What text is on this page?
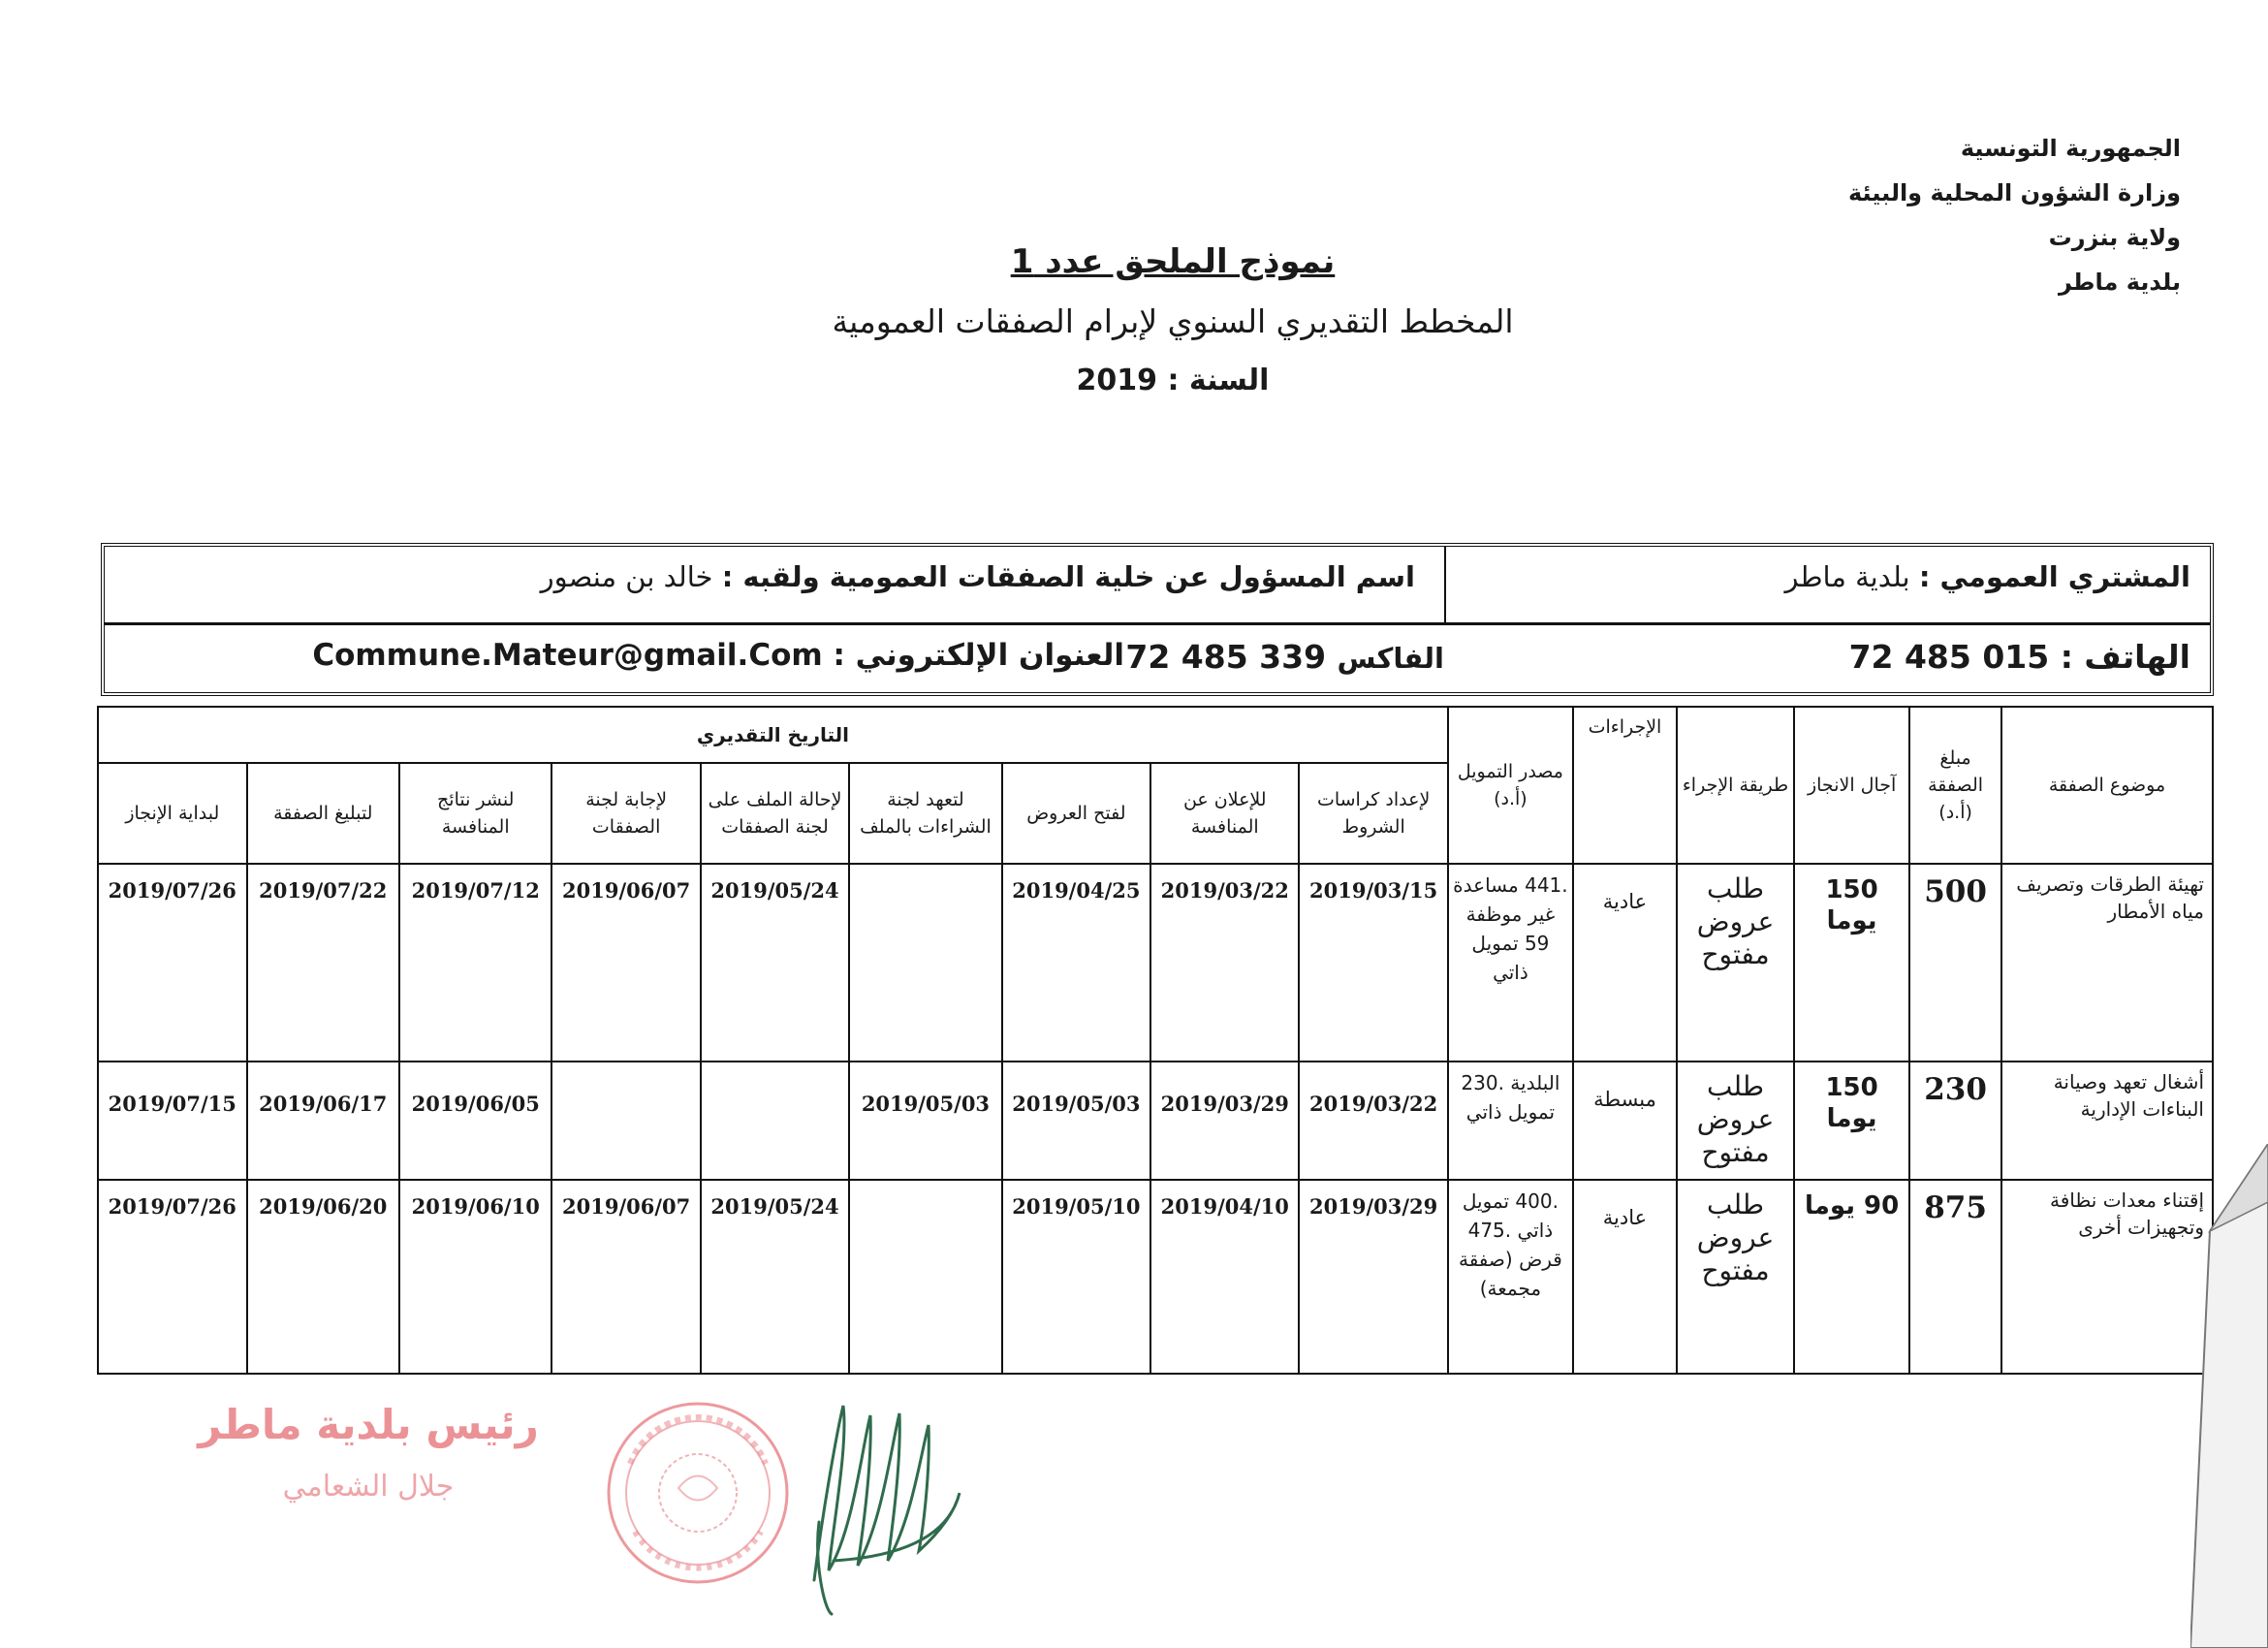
الجمهورية التونسية
وزارة الشؤون المحلية والبيئة
ولاية بنزرت
بلدية ماطر
نموذج الملحق عدد 1
المخطط التقديري السنوي لإبرام الصفقات العمومية
السنة : 2019
المشتري العمومي : بلدية ماطر
اسم المسؤول عن خلية الصفقات العمومية ولقبه : خالد بن منصور
الهاتف : 72 485 015
الفاكس 72 485 339
العنوان الإلكتروني : Commune.Mateur@gmail.Com
موضوع الصفقة	مبلغ الصفقة (أ.د)	آجال الانجاز	طريقة الإجراء	الإجراءات	مصدر التمويل (أ.د)	التاريخ التقديري								
						لإعداد كراسات الشروط	للإعلان عن المنافسة	لفتح العروض	لتعهد لجنة الشراءات بالملف	لإحالة الملف على لجنة الصفقات	لإجابة لجنة الصفقات	لنشر نتائج المنافسة	لتبليغ الصفقة	لبداية الإنجاز
تهيئة الطرقات وتصريف مياه الأمطار	500	150 يوما	طلب عروض مفتوح	عادية	.441 مساعدة غير موظفة 59 تمويل ذاتي	2019/03/15	2019/03/22	2019/04/25		2019/05/24	2019/06/07	2019/07/12	2019/07/22	2019/07/26
أشغال تعهد وصيانة البناءات الإدارية	230	150 يوما	طلب عروض مفتوح	مبسطة	البلدية .230 تمويل ذاتي	2019/03/22	2019/03/29	2019/05/03	2019/05/03			2019/06/05	2019/06/17	2019/07/15
إقتناء معدات نظافة وتجهيزات أخرى	875	90 يوما	طلب عروض مفتوح	عادية	.400 تمويل ذاتي .475 قرض (صفقة مجمعة)	2019/03/29	2019/04/10	2019/05/10		2019/05/24	2019/06/07	2019/06/10	2019/06/20	2019/07/26
رئيس بلدية ماطر
جلال الشعامي
